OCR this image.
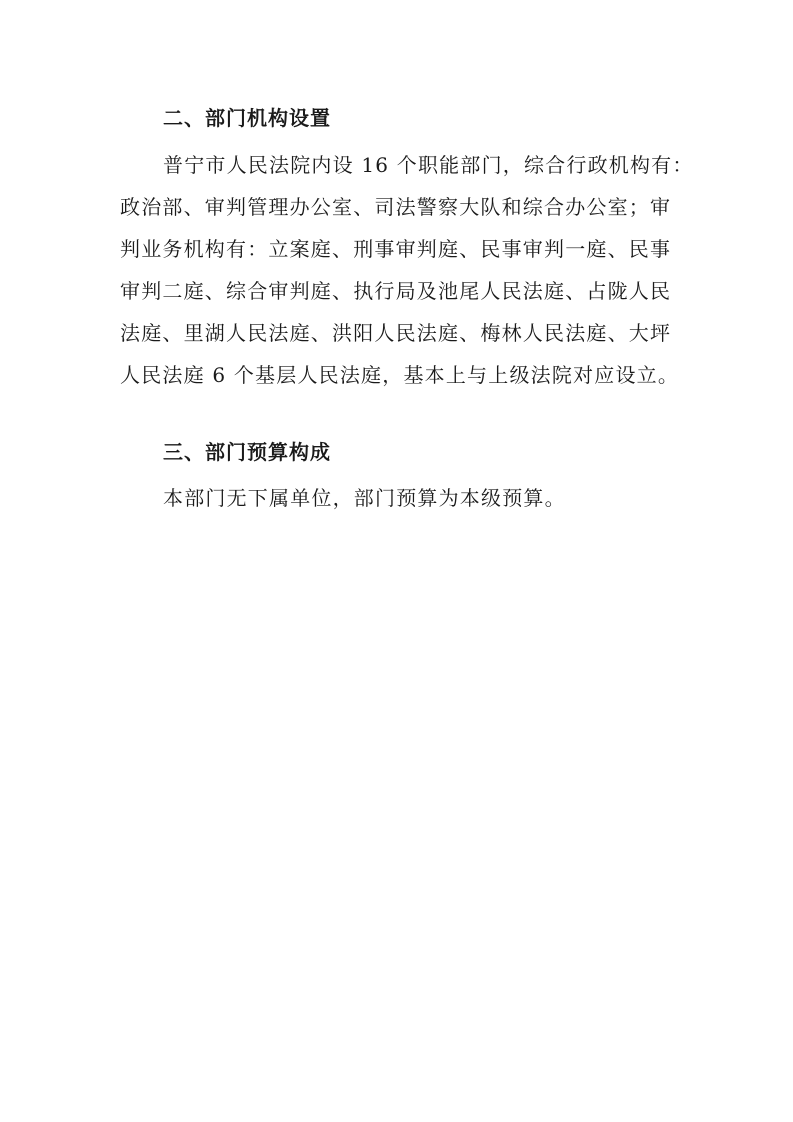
二、部门机构设置
普宁市人民法院内设 16 个职能部门，综合行政机构有：
政治部、审判管理办公室、司法警察大队和综合办公室；审
判业务机构有：立案庭、刑事审判庭、民事审判一庭、民事
审判二庭、综合审判庭、执行局及池尾人民法庭、占陇人民
法庭、里湖人民法庭、洪阳人民法庭、梅林人民法庭、大坪
人民法庭 6 个基层人民法庭，基本上与上级法院对应设立。
三、部门预算构成
本部门无下属单位，部门预算为本级预算。
